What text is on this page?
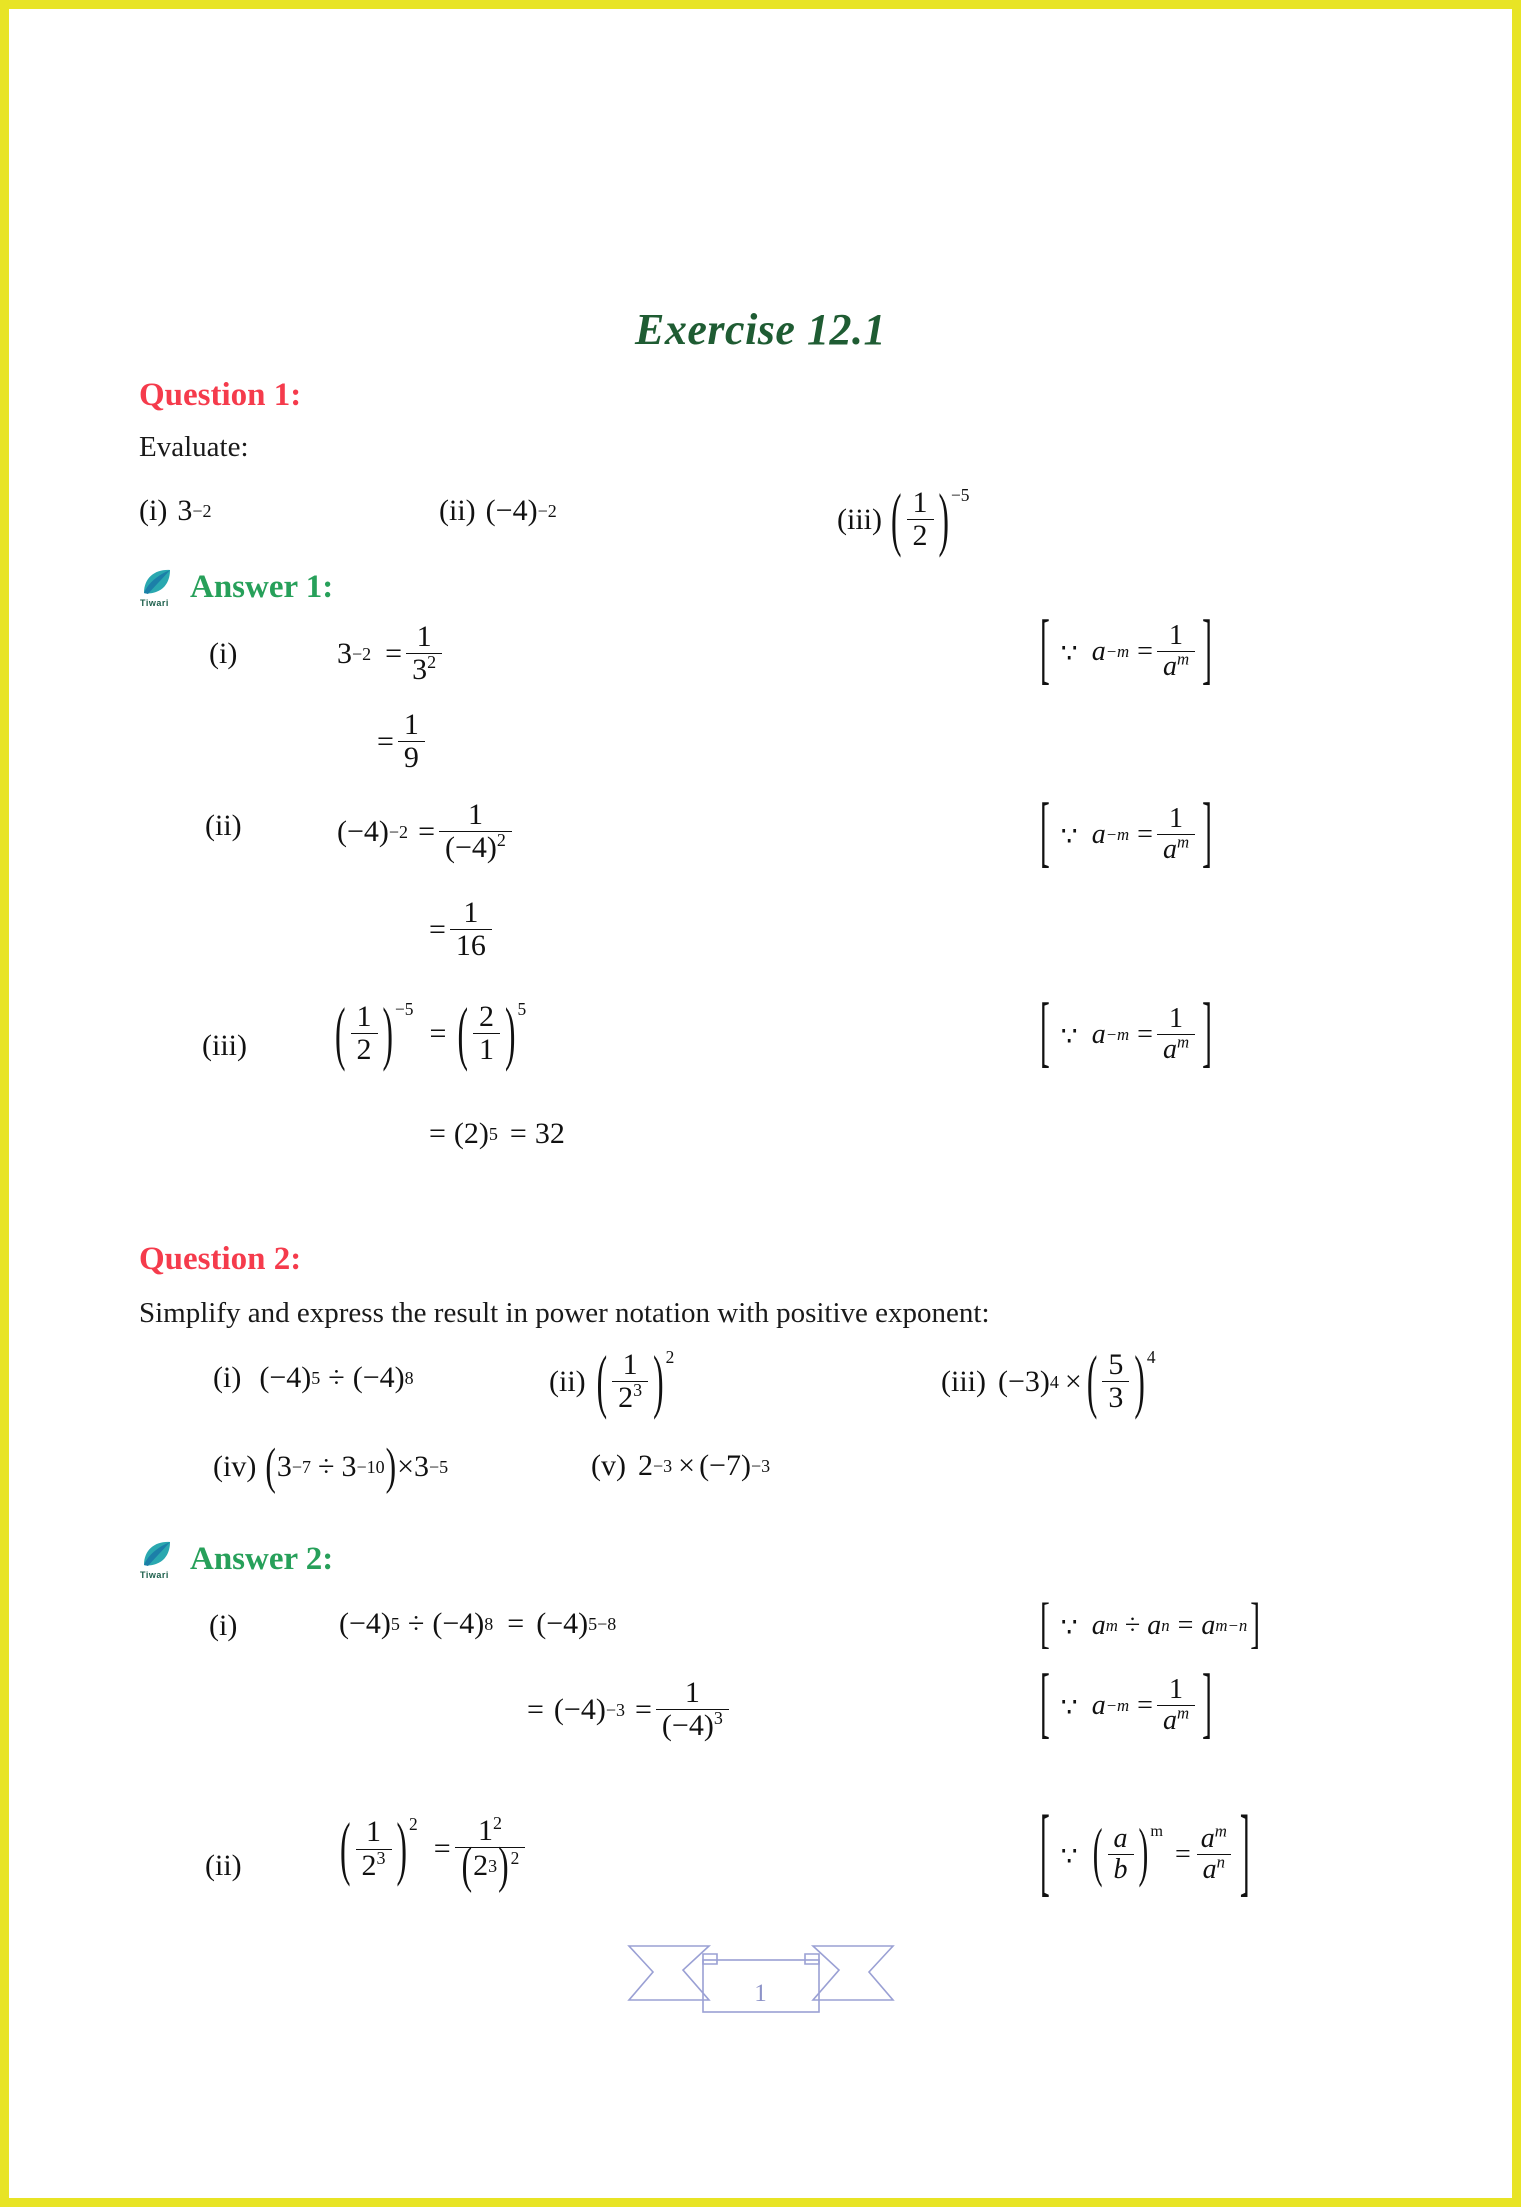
Exercise 12.1
Question 1:
Evaluate:
(i) 3 −2	(ii) (−4) −2	(iii) ( $\frac{1}{2}$ ) −5
Tiwari Answer 1:
(i)	$3 -2 = \frac{1}{3^2}$
= $\frac{1}{9}$
[ ∵ $a -m = \frac{1}{a^m}$ ]
(ii)	$(-4) -2 = \frac{1}{(-4)^2}$
= $\frac{1}{16}$
[ ∵ $a -m = \frac{1}{a^m}$ ]
(iii)	( $\frac{1}{2}$ ) −5
= ( $\frac{2}{1}$ ) 5
= (2) 5 = 32
[ ∵ $a -m = \frac{1}{a^m}$ ]
Question 2:
Simplify and express the result in power notation with positive exponent:
(i) (−4) 5 ÷ (−4) 8	(ii) ( $\frac{1}{2^3}$ ) 2
(iii) (−3) 4 × ( $\frac{5}{3}$ ) 4
(iv) ( 3 −7 ÷ 3 −10 ) × 3 −5	(v) 2 −3 × (−7) −3
Tiwari Answer 2:
(i)	(−4) 5 ÷ (−4) 8 = (−4) 5−8	[ ∵ a m ÷ a n = a m−n ]
= $(-4) -3 = \frac{1}{(-4)^3}$	[ ∵ $a -m = \frac{1}{a^m}$ ]
(ii)	( $\frac{1}{2^3}$ ) 2
= $\frac{1^2}{( 2 3 ) 2}$	[ ∵ ( $\frac{a}{b}$ ) m
= $\frac{a^m}{a^n}$ ]
1
